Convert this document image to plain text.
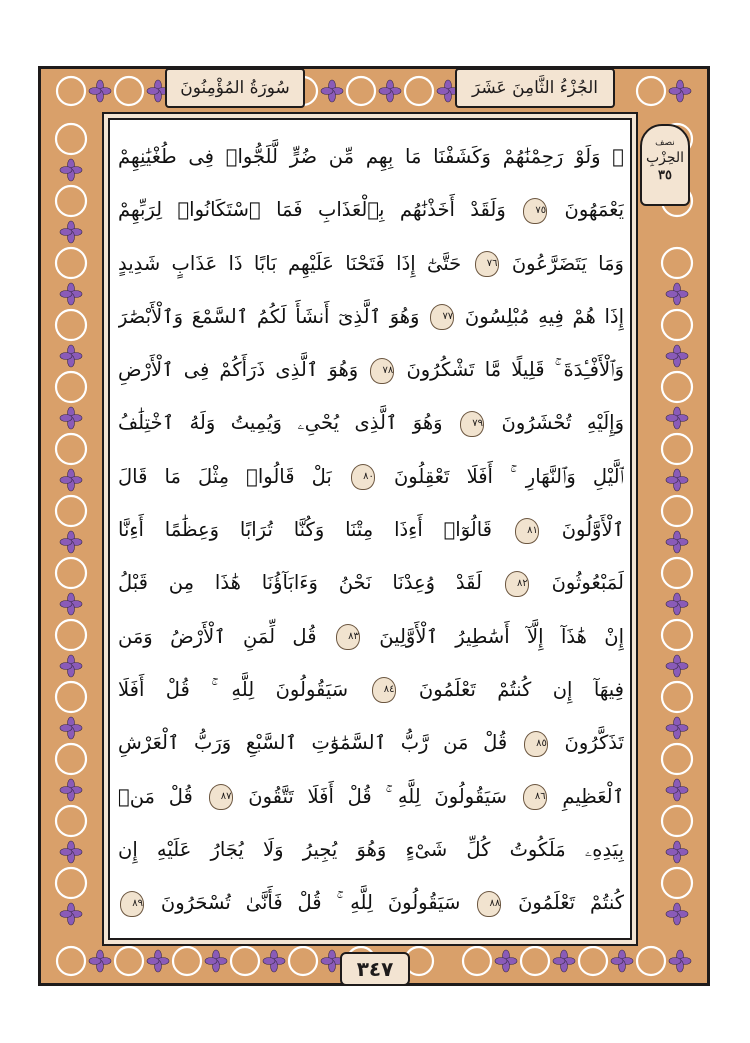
الجُزْءُ الثَّامِنَ عَشَرَ
سُورَةُ المُؤْمِنُونَ
نصف
الحِزْبِ
٣٥
۞ وَلَوْ رَحِمْنَٰهُمْ وَكَشَفْنَا مَا بِهِم مِّن ضُرٍّ لَّلَجُّوا۟ فِى طُغْيَٰنِهِمْ
يَعْمَهُونَ ٧٥ وَلَقَدْ أَخَذْنَٰهُم بِٱلْعَذَابِ فَمَا ٱسْتَكَانُوا۟ لِرَبِّهِمْ
وَمَا يَتَضَرَّعُونَ ٧٦ حَتَّىٰٓ إِذَا فَتَحْنَا عَلَيْهِم بَابًا ذَا عَذَابٍ شَدِيدٍ
إِذَا هُمْ فِيهِ مُبْلِسُونَ ٧٧ وَهُوَ ٱلَّذِىٓ أَنشَأَ لَكُمُ ٱلسَّمْعَ وَٱلْأَبْصَٰرَ
وَٱلْأَفْـِٔدَةَ ۚ قَلِيلًا مَّا تَشْكُرُونَ ٧٨ وَهُوَ ٱلَّذِى ذَرَأَكُمْ فِى ٱلْأَرْضِ
وَإِلَيْهِ تُحْشَرُونَ ٧٩ وَهُوَ ٱلَّذِى يُحْىِۦ وَيُمِيتُ وَلَهُ ٱخْتِلَٰفُ
ٱلَّيْلِ وَٱلنَّهَارِ ۚ أَفَلَا تَعْقِلُونَ ٨٠ بَلْ قَالُوا۟ مِثْلَ مَا قَالَ
ٱلْأَوَّلُونَ ٨١ قَالُوٓا۟ أَءِذَا مِتْنَا وَكُنَّا تُرَابًا وَعِظَٰمًا أَءِنَّا
لَمَبْعُوثُونَ ٨٢ لَقَدْ وُعِدْنَا نَحْنُ وَءَابَآؤُنَا هَٰذَا مِن قَبْلُ
إِنْ هَٰذَآ إِلَّآ أَسَٰطِيرُ ٱلْأَوَّلِينَ ٨٣ قُل لِّمَنِ ٱلْأَرْضُ وَمَن
فِيهَآ إِن كُنتُمْ تَعْلَمُونَ ٨٤ سَيَقُولُونَ لِلَّهِ ۚ قُلْ أَفَلَا
تَذَكَّرُونَ ٨٥ قُلْ مَن رَّبُّ ٱلسَّمَٰوَٰتِ ٱلسَّبْعِ وَرَبُّ ٱلْعَرْشِ
ٱلْعَظِيمِ ٨٦ سَيَقُولُونَ لِلَّهِ ۚ قُلْ أَفَلَا تَتَّقُونَ ٨٧ قُلْ مَنۢ
بِيَدِهِۦ مَلَكُوتُ كُلِّ شَىْءٍ وَهُوَ يُجِيرُ وَلَا يُجَارُ عَلَيْهِ إِن
كُنتُمْ تَعْلَمُونَ ٨٨ سَيَقُولُونَ لِلَّهِ ۚ قُلْ فَأَنَّىٰ تُسْحَرُونَ ٨٩
٣٤٧
